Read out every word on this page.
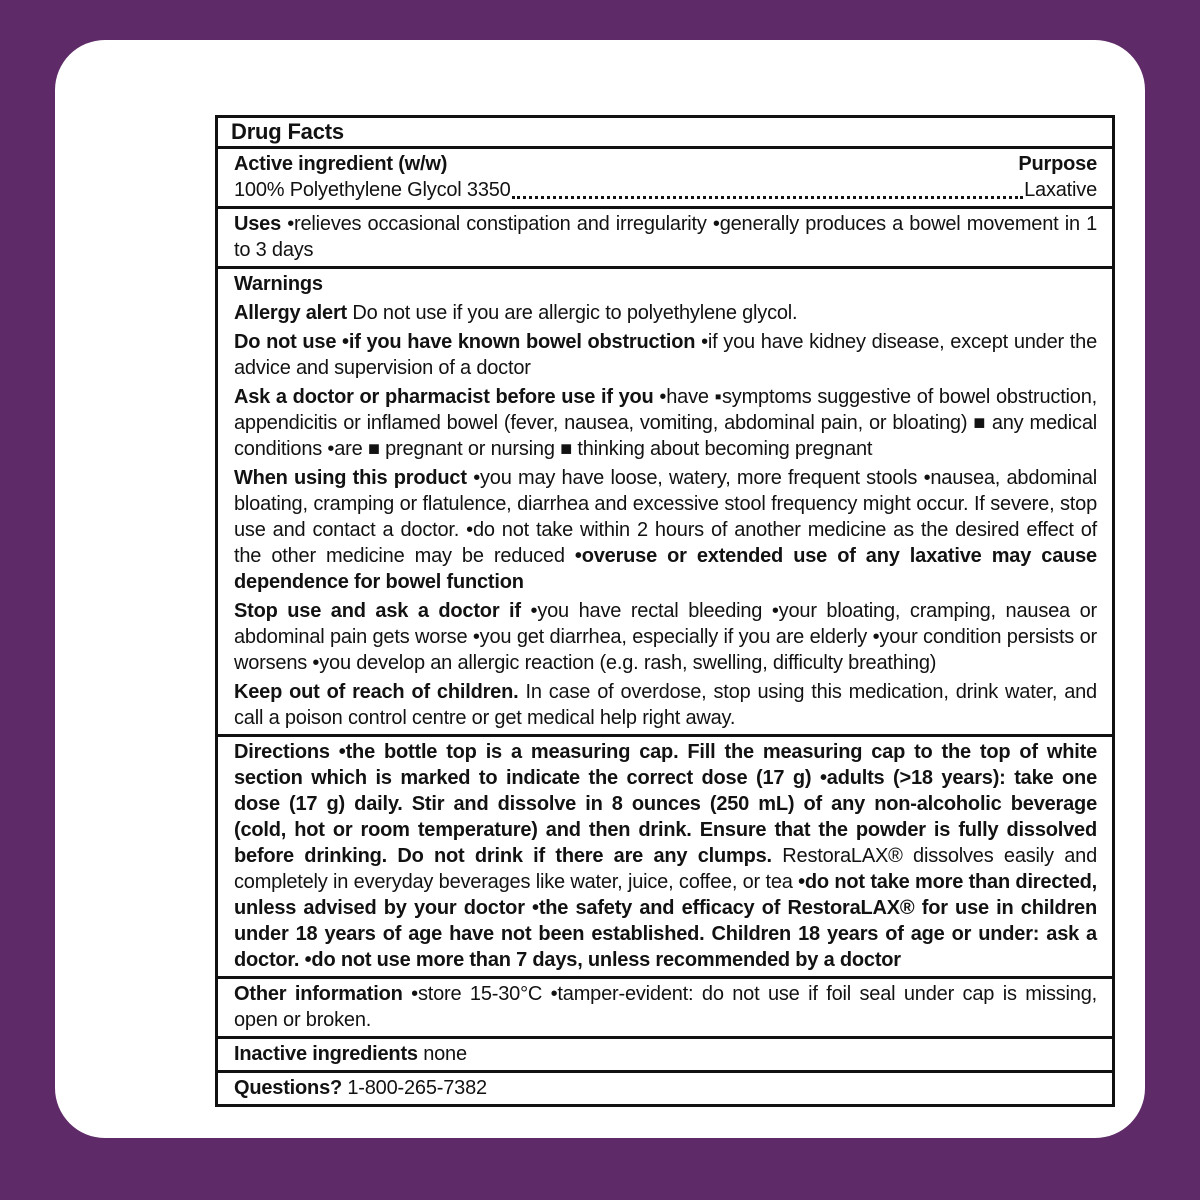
Drug Facts

Active ingredient (w/w)	Purpose

100% Polyethylene Glycol 3350	Laxative

Uses •relieves occasional constipation and irregularity •generally produces a bowel movement in 1 to 3 days

Warnings

Allergy alert Do not use if you are allergic to polyethylene glycol.

Do not use •if you have known bowel obstruction •if you have kidney disease, except under the advice and supervision of a doctor

Ask a doctor or pharmacist before use if you •have ▪symptoms suggestive of bowel obstruction, appendicitis or inflamed bowel (fever, nausea, vomiting, abdominal pain, or bloating) ■ any medical conditions •are ■ pregnant or nursing ■ thinking about becoming pregnant

When using this product •you may have loose, watery, more frequent stools •nausea, abdominal bloating, cramping or flatulence, diarrhea and excessive stool frequency might occur. If severe, stop use and contact a doctor. •do not take within 2 hours of another medicine as the desired effect of the other medicine may be reduced •overuse or extended use of any laxative may cause dependence for bowel function

Stop use and ask a doctor if •you have rectal bleeding •your bloating, cramping, nausea or abdominal pain gets worse •you get diarrhea, especially if you are elderly •your condition persists or worsens •you develop an allergic reaction (e.g. rash, swelling, difficulty breathing)

Keep out of reach of children. In case of overdose, stop using this medication, drink water, and call a poison control centre or get medical help right away.

Directions •the bottle top is a measuring cap. Fill the measuring cap to the top of white section which is marked to indicate the correct dose (17 g) •adults (>18 years): take one dose (17 g) daily. Stir and dissolve in 8 ounces (250 mL) of any non-alcoholic beverage (cold, hot or room temperature) and then drink. Ensure that the powder is fully dissolved before drinking. Do not drink if there are any clumps. RestoraLAX® dissolves easily and completely in everyday beverages like water, juice, coffee, or tea •do not take more than directed, unless advised by your doctor •the safety and efficacy of RestoraLAX® for use in children under 18 years of age have not been established. Children 18 years of age or under: ask a doctor. •do not use more than 7 days, unless recommended by a doctor

Other information •store 15-30°C •tamper-evident: do not use if foil seal under cap is missing, open or broken.

Inactive ingredients none

Questions? 1-800-265-7382
